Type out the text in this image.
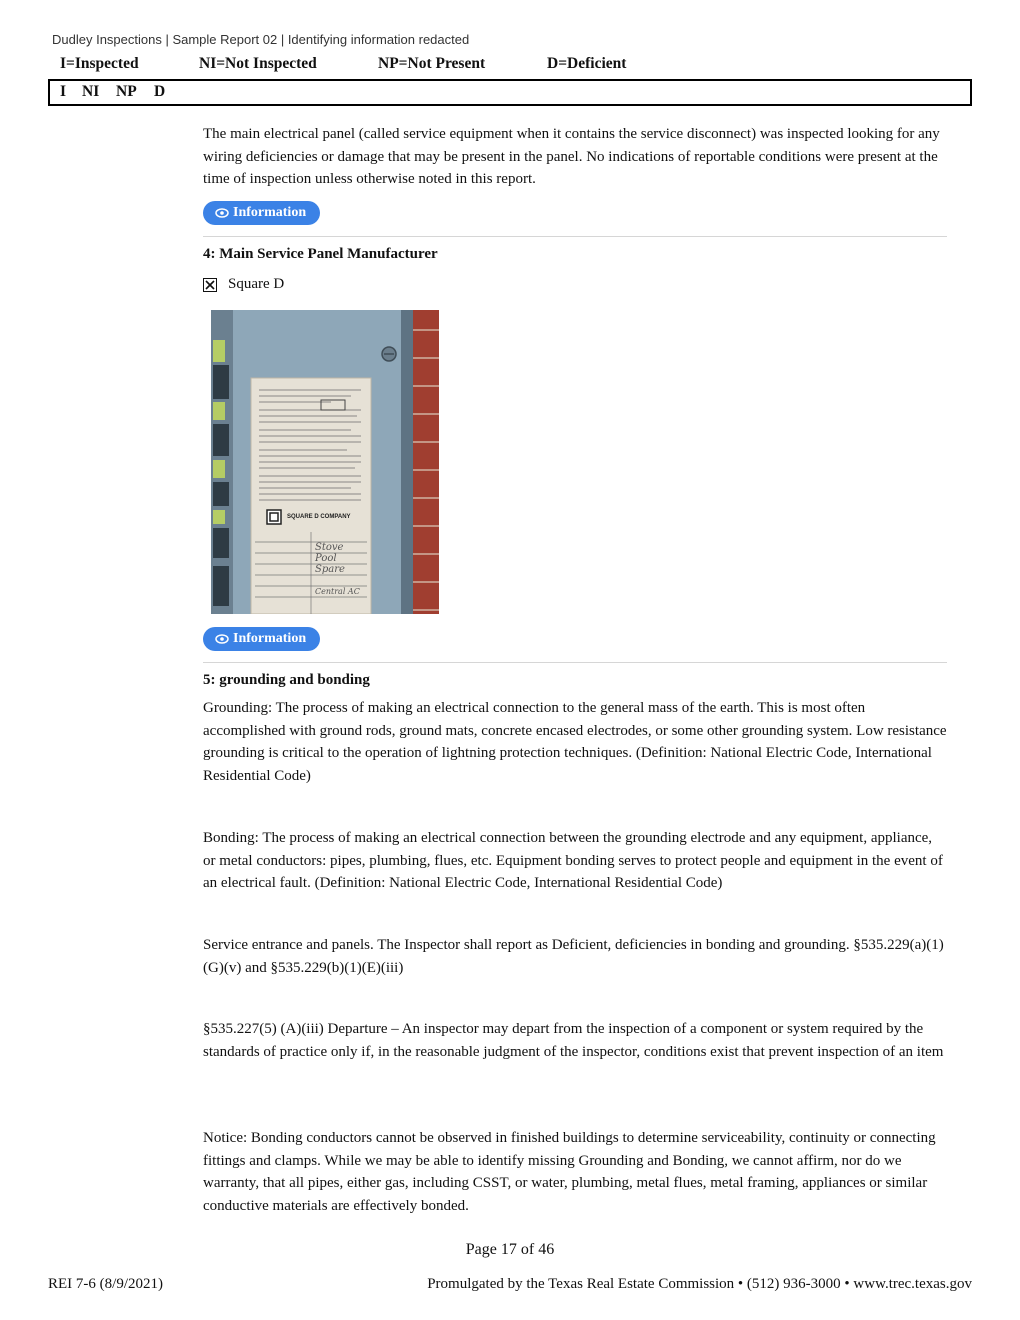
Dudley Inspections | Sample Report 02 | Identifying information redacted
I=Inspected	NI=Not Inspected	NP=Not Present	D=Deficient
I NI NP D

The main electrical panel (called service equipment when it contains the service disconnect) was inspected looking for any wiring deficiencies or damage that may be present in the panel. No indications of reportable conditions were present at the time of inspection unless otherwise noted in this report.

Information
4: Main Service Panel Manufacturer
Square D
SQUARE D COMPANY
Stove
Pool
Spare
Central AC
Information
5: grounding and bonding

Grounding: The process of making an electrical connection to the general mass of the earth. This is most often accomplished with ground rods, ground mats, concrete encased electrodes, or some other grounding system. Low resistance grounding is critical to the operation of lightning protection techniques. (Definition: National Electric Code, International Residential Code)

Bonding: The process of making an electrical connection between the grounding electrode and any equipment, appliance, or metal conductors: pipes, plumbing, flues, etc. Equipment bonding serves to protect people and equipment in the event of an electrical fault. (Definition: National Electric Code, International Residential Code)

Service entrance and panels. The Inspector shall report as Deficient, deficiencies in bonding and grounding. §535.229(a)(1)(G)(v) and §535.229(b)(1)(E)(iii)

§535.227(5) (A)(iii) Departure – An inspector may depart from the inspection of a component or system required by the standards of practice only if, in the reasonable judgment of the inspector, conditions exist that prevent inspection of an item

Notice: Bonding conductors cannot be observed in finished buildings to determine serviceability, continuity or connecting fittings and clamps. While we may be able to identify missing Grounding and Bonding, we cannot affirm, nor do we warranty, that all pipes, either gas, including CSST, or water, plumbing, metal flues, metal framing, appliances or similar conductive materials are effectively bonded.

Page 17 of 46
REI 7-6 (8/9/2021)	Promulgated by the Texas Real Estate Commission • (512) 936-3000 • www.trec.texas.gov
